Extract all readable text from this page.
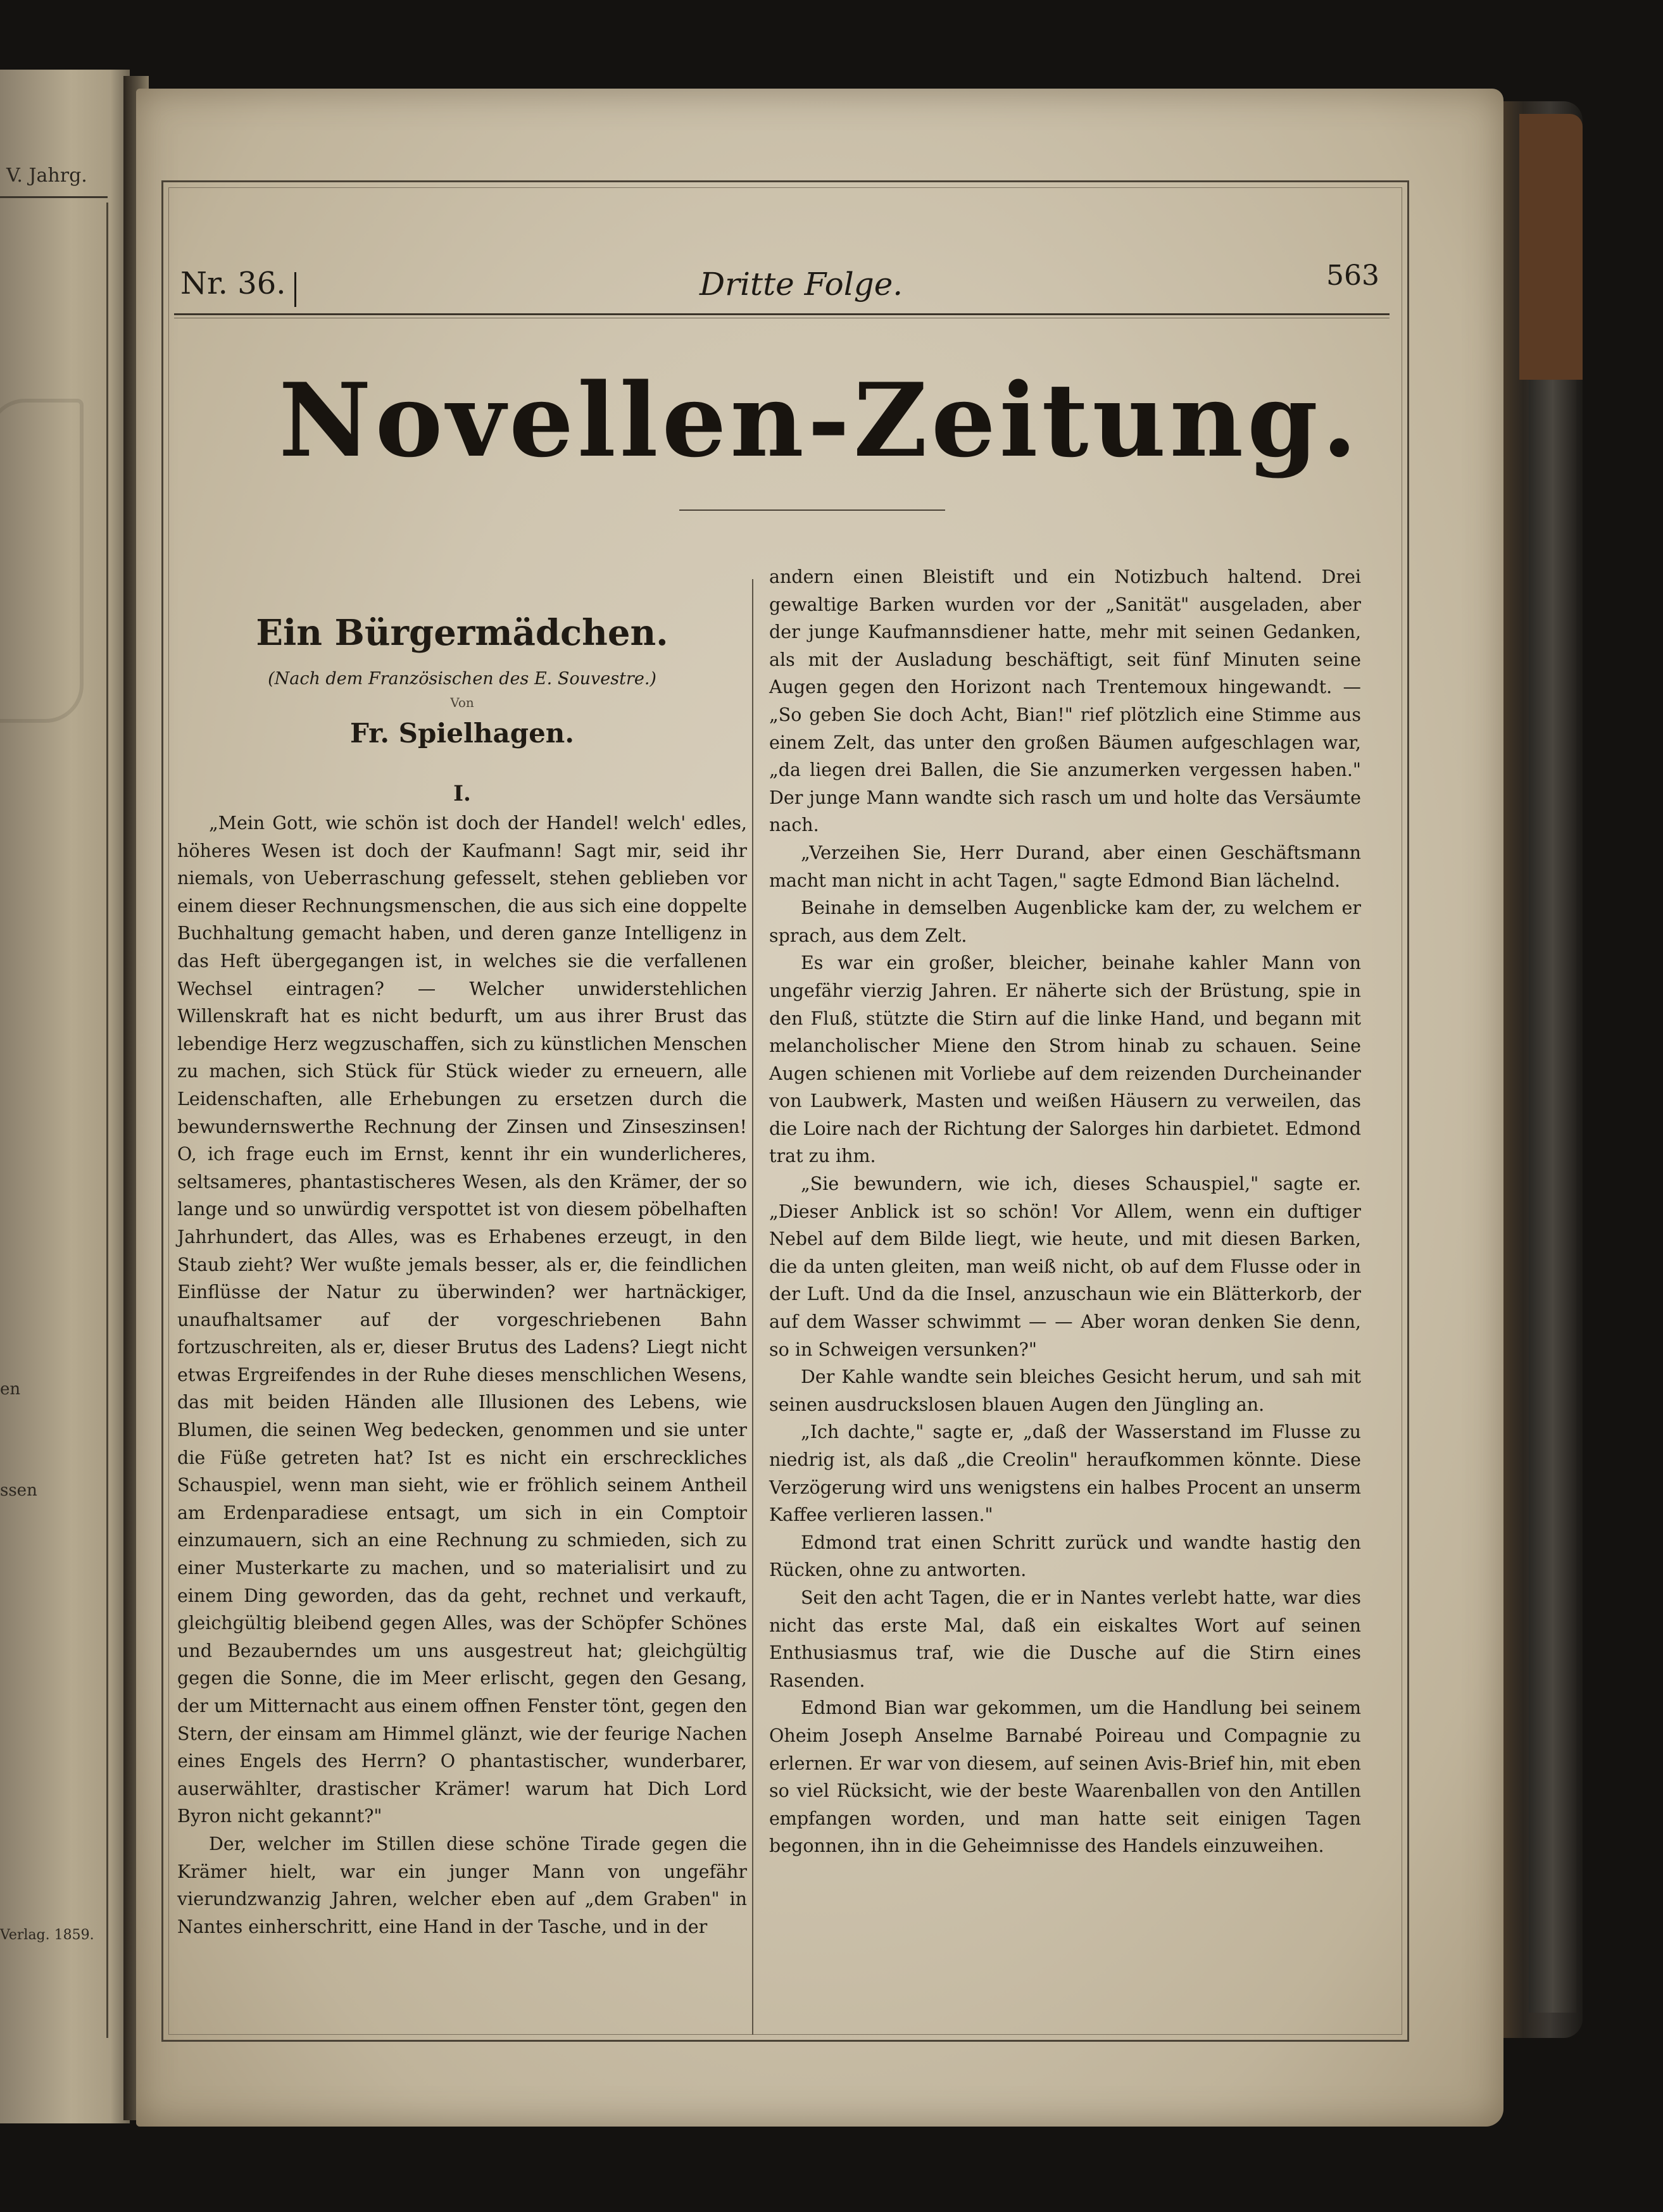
V. Jahrg.
en
ssen
Verlag. 1859.
Nr. 36.	Dritte Folge.	563
Novellen-Zeitung.
Ein Bürgermädchen.
(Nach dem Französischen des E. Souvestre.)
Von
Fr. Spielhagen.
I.

„Mein Gott, wie schön ist doch der Handel! welch' edles, höheres Wesen ist doch der Kaufmann! Sagt mir, seid ihr niemals, von Ueberraschung gefesselt, stehen geblieben vor einem dieser Rechnungsmenschen, die aus sich eine doppelte Buchhaltung gemacht haben, und deren ganze Intelligenz in das Heft übergegangen ist, in welches sie die verfallenen Wechsel eintragen? — Welcher unwiderstehlichen Willenskraft hat es nicht bedurft, um aus ihrer Brust das lebendige Herz wegzuschaffen, sich zu künstlichen Menschen zu machen, sich Stück für Stück wieder zu erneuern, alle Leidenschaften, alle Erhebungen zu ersetzen durch die bewundernswerthe Rechnung der Zinsen und Zinseszinsen! O, ich frage euch im Ernst, kennt ihr ein wunderlicheres, seltsameres, phantastischeres Wesen, als den Krämer, der so lange und so unwürdig verspottet ist von diesem pöbelhaften Jahrhundert, das Alles, was es Erhabenes erzeugt, in den Staub zieht? Wer wußte jemals besser, als er, die feindlichen Einflüsse der Natur zu überwinden? wer hartnäckiger, unaufhaltsamer auf der vorgeschriebenen Bahn fortzuschreiten, als er, dieser Brutus des Ladens? Liegt nicht etwas Ergreifendes in der Ruhe dieses menschlichen Wesens, das mit beiden Händen alle Illusionen des Lebens, wie Blumen, die seinen Weg bedecken, genommen und sie unter die Füße getreten hat? Ist es nicht ein erschreckliches Schauspiel, wenn man sieht, wie er fröhlich seinem Antheil am Erdenparadiese entsagt, um sich in ein Comptoir einzumauern, sich an eine Rechnung zu schmieden, sich zu einer Musterkarte zu machen, und so materialisirt und zu einem Ding geworden, das da geht, rechnet und verkauft, gleichgültig bleibend gegen Alles, was der Schöpfer Schönes und Bezauberndes um uns ausgestreut hat; gleichgültig gegen die Sonne, die im Meer erlischt, gegen den Gesang, der um Mitternacht aus einem offnen Fenster tönt, gegen den Stern, der einsam am Himmel glänzt, wie der feurige Nachen eines Engels des Herrn? O phantastischer, wunderbarer, auserwählter, drastischer Krämer! warum hat Dich Lord Byron nicht gekannt?"

Der, welcher im Stillen diese schöne Tirade gegen die Krämer hielt, war ein junger Mann von ungefähr vierundzwanzig Jahren, welcher eben auf „dem Graben" in Nantes einherschritt, eine Hand in der Tasche, und in der

andern einen Bleistift und ein Notizbuch haltend. Drei gewaltige Barken wurden vor der „Sanität" ausgeladen, aber der junge Kaufmannsdiener hatte, mehr mit seinen Gedanken, als mit der Ausladung beschäftigt, seit fünf Minuten seine Augen gegen den Horizont nach Trentemoux hingewandt. — „So geben Sie doch Acht, Bian!" rief plötzlich eine Stimme aus einem Zelt, das unter den großen Bäumen aufgeschlagen war, „da liegen drei Ballen, die Sie anzumerken vergessen haben." Der junge Mann wandte sich rasch um und holte das Versäumte nach.

„Verzeihen Sie, Herr Durand, aber einen Geschäftsmann macht man nicht in acht Tagen," sagte Edmond Bian lächelnd.

Beinahe in demselben Augenblicke kam der, zu welchem er sprach, aus dem Zelt.

Es war ein großer, bleicher, beinahe kahler Mann von ungefähr vierzig Jahren. Er näherte sich der Brüstung, spie in den Fluß, stützte die Stirn auf die linke Hand, und begann mit melancholischer Miene den Strom hinab zu schauen. Seine Augen schienen mit Vorliebe auf dem reizenden Durcheinander von Laubwerk, Masten und weißen Häusern zu verweilen, das die Loire nach der Richtung der Salorges hin darbietet. Edmond trat zu ihm.

„Sie bewundern, wie ich, dieses Schauspiel," sagte er. „Dieser Anblick ist so schön! Vor Allem, wenn ein duftiger Nebel auf dem Bilde liegt, wie heute, und mit diesen Barken, die da unten gleiten, man weiß nicht, ob auf dem Flusse oder in der Luft. Und da die Insel, anzuschaun wie ein Blätterkorb, der auf dem Wasser schwimmt — — Aber woran denken Sie denn, so in Schweigen versunken?"

Der Kahle wandte sein bleiches Gesicht herum, und sah mit seinen ausdruckslosen blauen Augen den Jüngling an.

„Ich dachte," sagte er, „daß der Wasserstand im Flusse zu niedrig ist, als daß „die Creolin" heraufkommen könnte. Diese Verzögerung wird uns wenigstens ein halbes Procent an unserm Kaffee verlieren lassen."

Edmond trat einen Schritt zurück und wandte hastig den Rücken, ohne zu antworten.

Seit den acht Tagen, die er in Nantes verlebt hatte, war dies nicht das erste Mal, daß ein eiskaltes Wort auf seinen Enthusiasmus traf, wie die Dusche auf die Stirn eines Rasenden.

Edmond Bian war gekommen, um die Handlung bei seinem Oheim Joseph Anselme Barnabé Poireau und Compagnie zu erlernen. Er war von diesem, auf seinen Avis-Brief hin, mit eben so viel Rücksicht, wie der beste Waarenballen von den Antillen empfangen worden, und man hatte seit einigen Tagen begonnen, ihn in die Geheimnisse des Handels einzuweihen.
